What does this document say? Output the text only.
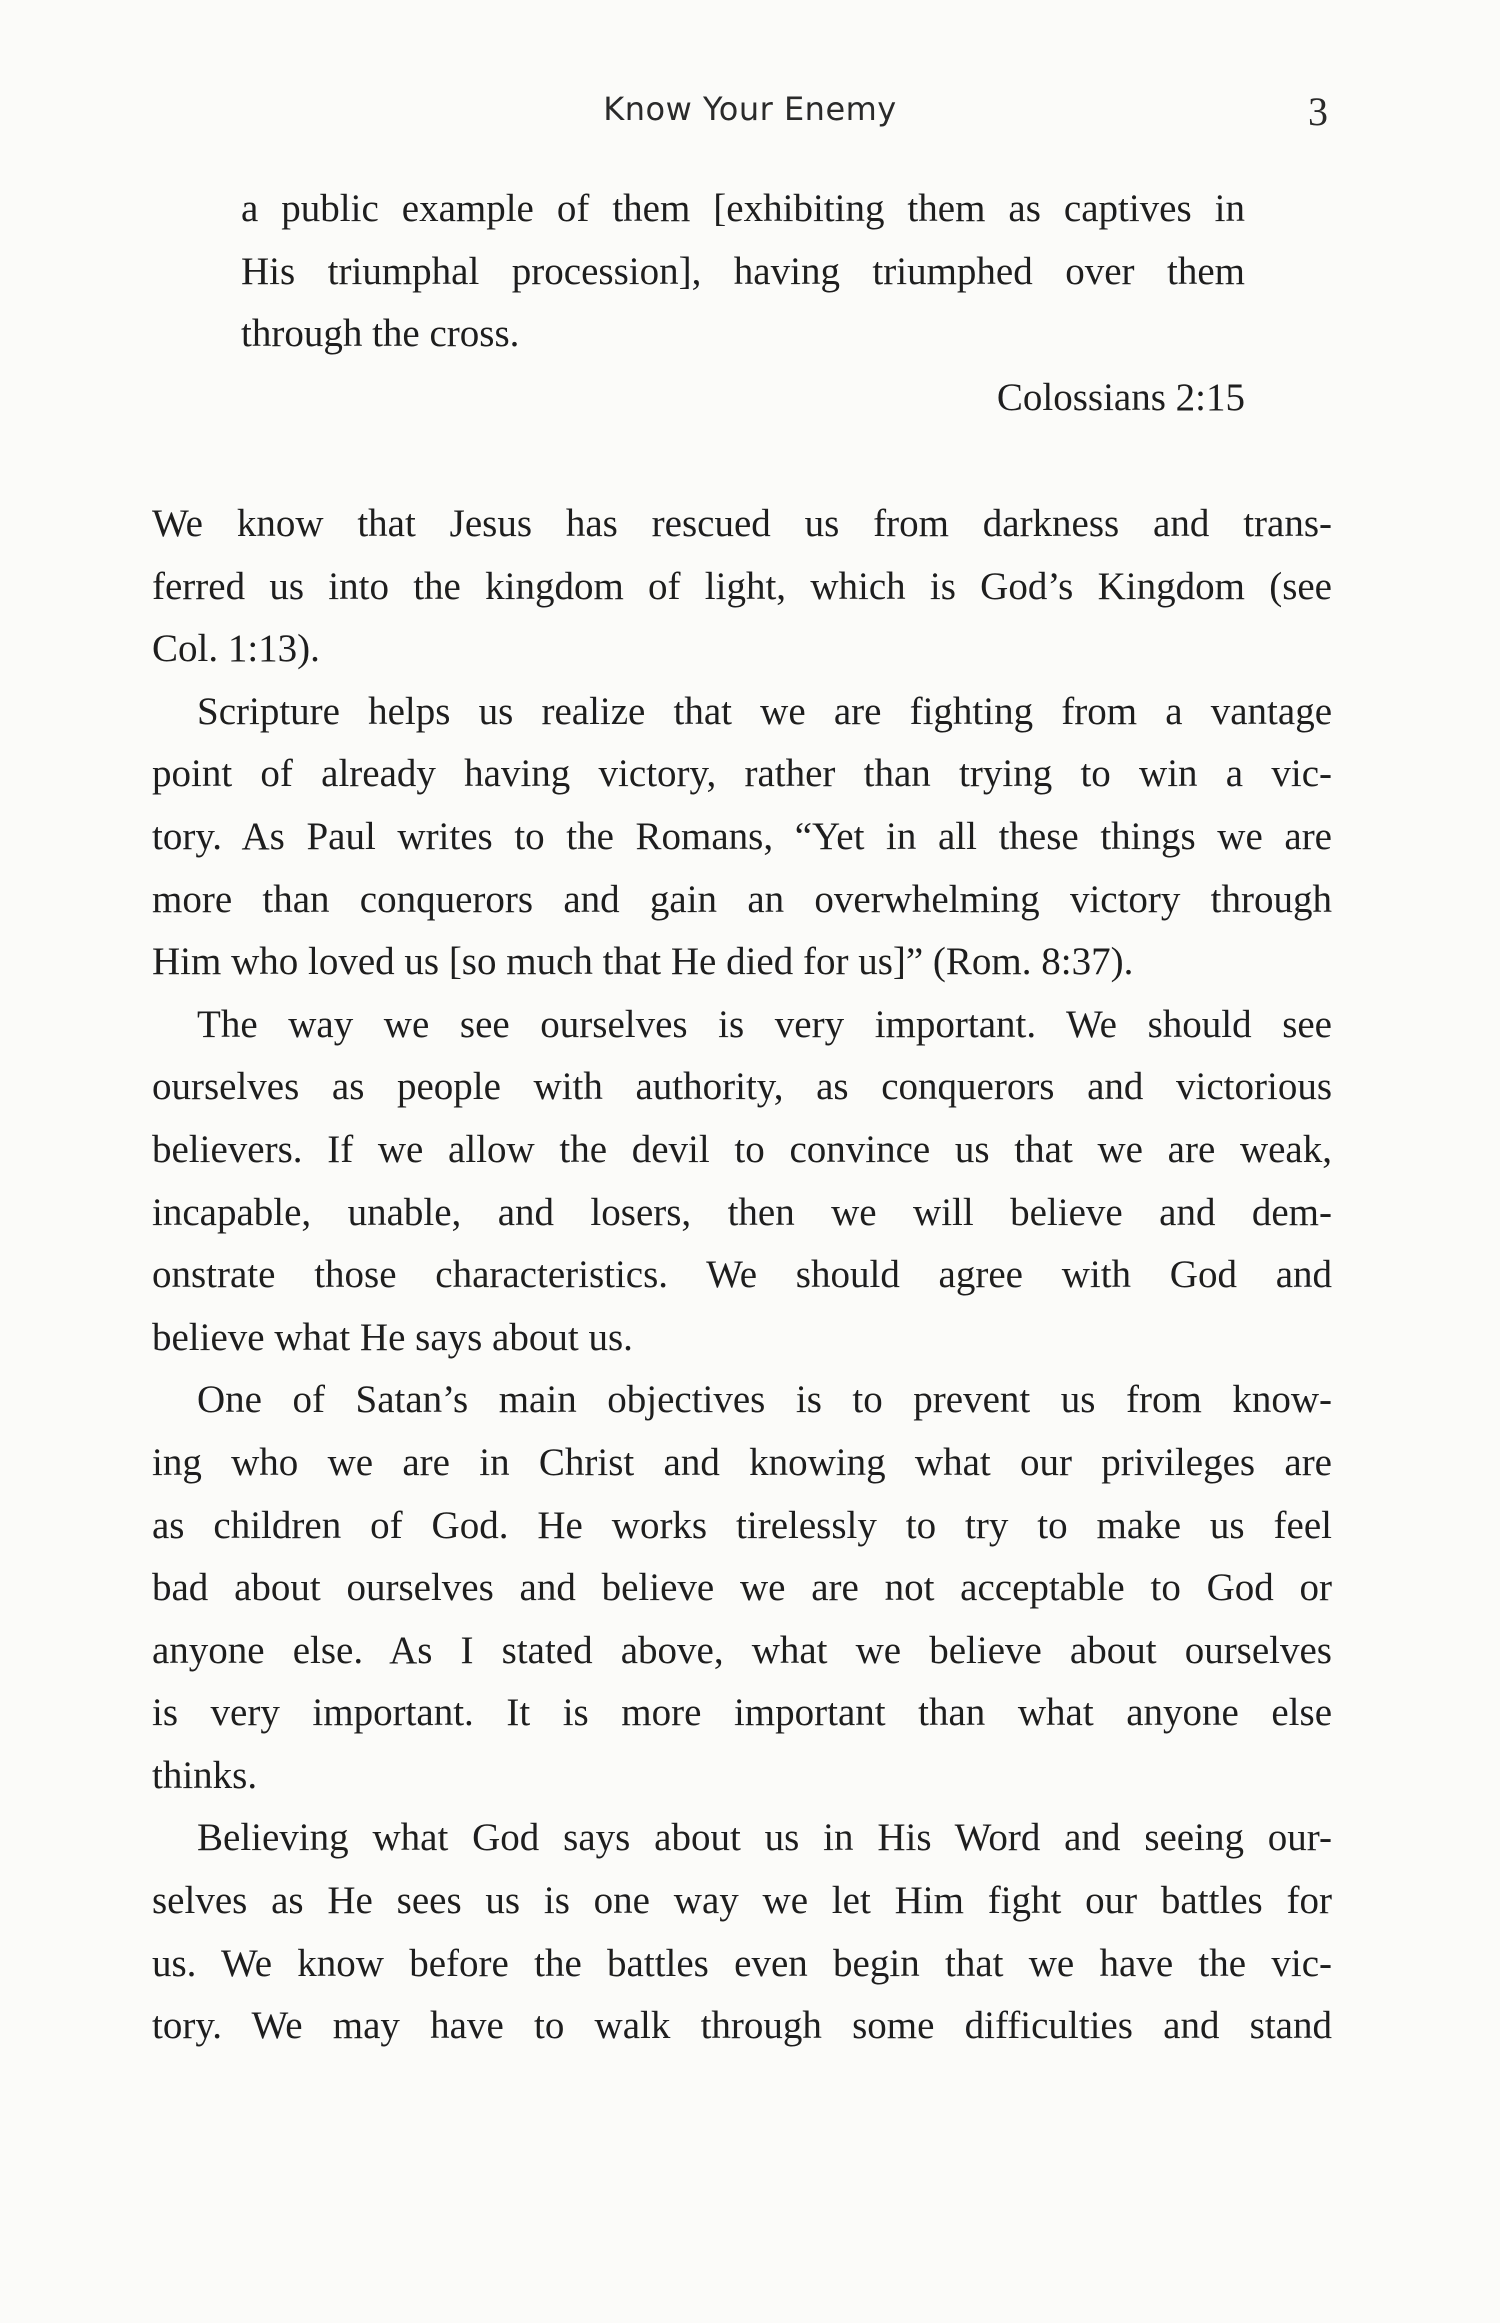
Know Your Enemy	3
a public example of them [exhibiting them as captives in
His triumphal procession], having triumphed over them
through the cross.
Colossians 2:15
We know that Jesus has rescued us from darkness and trans-
ferred us into the kingdom of light, which is God’s Kingdom (see
Col. 1:13).
Scripture helps us realize that we are fighting from a vantage
point of already having victory, rather than trying to win a vic-
tory. As Paul writes to the Romans, “Yet in all these things we are
more than conquerors and gain an overwhelming victory through
Him who loved us [so much that He died for us]” (Rom. 8:37).
The way we see ourselves is very important. We should see
ourselves as people with authority, as conquerors and victorious
believers. If we allow the devil to convince us that we are weak,
incapable, unable, and losers, then we will believe and dem-
onstrate those characteristics. We should agree with God and
believe what He says about us.
One of Satan’s main objectives is to prevent us from know-
ing who we are in Christ and knowing what our privileges are
as children of God. He works tirelessly to try to make us feel
bad about ourselves and believe we are not acceptable to God or
anyone else. As I stated above, what we believe about ourselves
is very important. It is more important than what anyone else
thinks.
Believing what God says about us in His Word and seeing our-
selves as He sees us is one way we let Him fight our battles for
us. We know before the battles even begin that we have the vic-
tory. We may have to walk through some difficulties and stand
